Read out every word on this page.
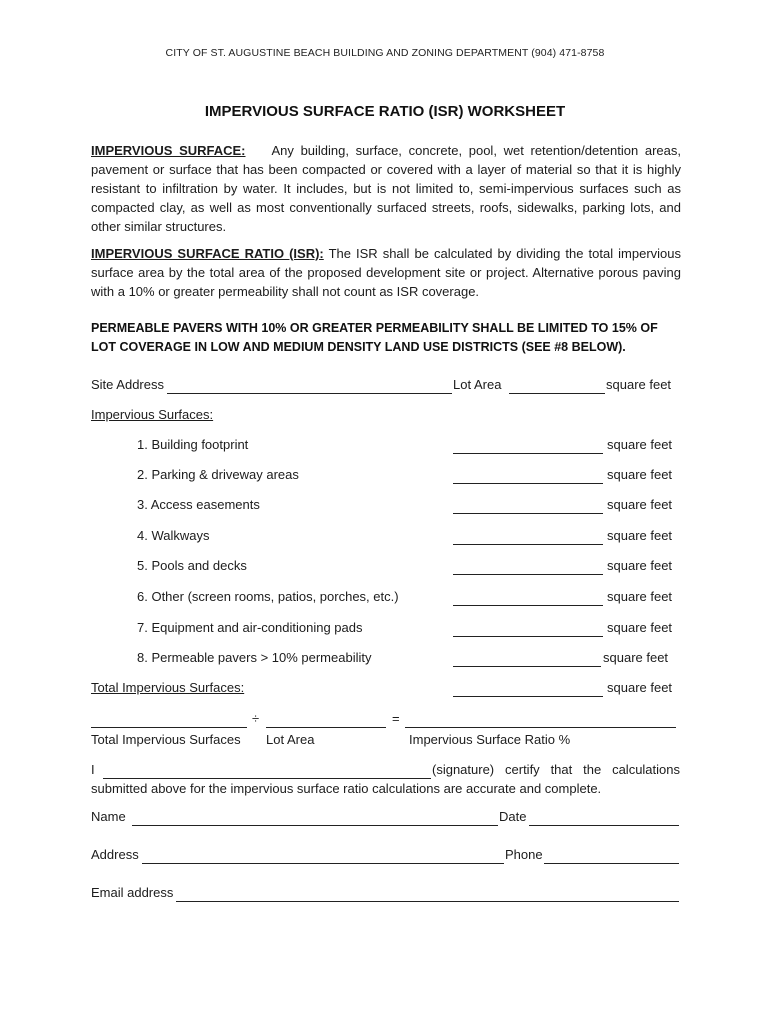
CITY OF ST. AUGUSTINE BEACH BUILDING AND ZONING DEPARTMENT (904) 471-8758
IMPERVIOUS SURFACE RATIO (ISR) WORKSHEET
IMPERVIOUS SURFACE: Any building, surface, concrete, pool, wet retention/detention areas, pavement or surface that has been compacted or covered with a layer of material so that it is highly resistant to infiltration by water. It includes, but is not limited to, semi-impervious surfaces such as compacted clay, as well as most conventionally surfaced streets, roofs, sidewalks, parking lots, and other similar structures.
IMPERVIOUS SURFACE RATIO (ISR): The ISR shall be calculated by dividing the total impervious surface area by the total area of the proposed development site or project. Alternative porous paving with a 10% or greater permeability shall not count as ISR coverage.
PERMEABLE PAVERS WITH 10% OR GREATER PERMEABILITY SHALL BE LIMITED TO 15% OF LOT COVERAGE IN LOW AND MEDIUM DENSITY LAND USE DISTRICTS (SEE #8 BELOW).
Site Address	Lot Area	square feet
Impervious Surfaces:
1. Building footprint	square feet
2. Parking & driveway areas	square feet
3. Access easements	square feet
4. Walkways	square feet
5. Pools and decks	square feet
6. Other (screen rooms, patios, porches, etc.)	square feet
7. Equipment and air-conditioning pads	square feet
8. Permeable pavers > 10% permeability	square feet
Total Impervious Surfaces:	square feet
÷	=
Total Impervious Surfaces Lot Area	Impervious Surface Ratio %
I	(signature) certify that the calculations
submitted above for the impervious surface ratio calculations are accurate and complete.
Name	Date
Address	Phone
Email address
